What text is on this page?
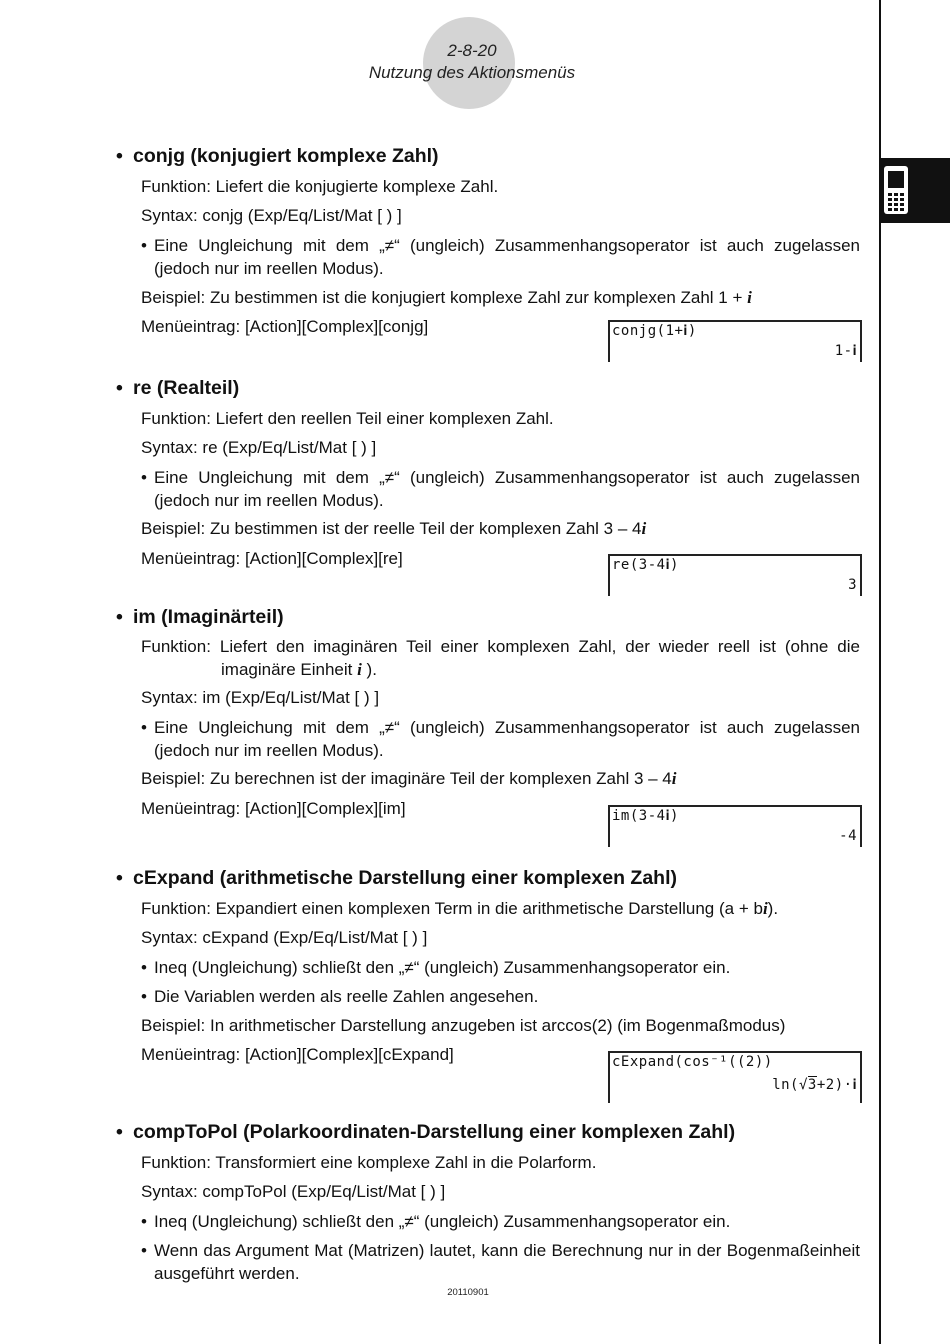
2-8-20
Nutzung des Aktionsmenüs
• conjg (konjugiert komplexe Zahl)
Funktion: Liefert die konjugierte komplexe Zahl.
Syntax: conjg (Exp/Eq/List/Mat [ ) ]
• Eine Ungleichung mit dem „≠“ (ungleich) Zusammenhangsoperator ist auch zugelassen (jedoch nur im reellen Modus).
Beispiel: Zu bestimmen ist die konjugiert komplexe Zahl zur komplexen Zahl 1 + i
Menüeintrag: [Action][Complex][conjg]	conjg(1+𝐢)
1-𝐢
• re (Realteil)
Funktion: Liefert den reellen Teil einer komplexen Zahl.
Syntax: re (Exp/Eq/List/Mat [ ) ]
• Eine Ungleichung mit dem „≠“ (ungleich) Zusammenhangsoperator ist auch zugelassen (jedoch nur im reellen Modus).
Beispiel: Zu bestimmen ist der reelle Teil der komplexen Zahl 3 – 4i
Menüeintrag: [Action][Complex][re]	re(3-4𝐢)
3
• im (Imaginärteil)
Funktion: Liefert den imaginären Teil einer komplexen Zahl, der wieder reell ist (ohne die imaginäre Einheit i ).
Syntax: im (Exp/Eq/List/Mat [ ) ]
• Eine Ungleichung mit dem „≠“ (ungleich) Zusammenhangsoperator ist auch zugelassen (jedoch nur im reellen Modus).
Beispiel: Zu berechnen ist der imaginäre Teil der komplexen Zahl 3 – 4i
Menüeintrag: [Action][Complex][im]	im(3-4𝐢)
-4
• cExpand (arithmetische Darstellung einer komplexen Zahl)
Funktion: Expandiert einen komplexen Term in die arithmetische Darstellung (a + bi).
Syntax: cExpand (Exp/Eq/List/Mat [ ) ]
• Ineq (Ungleichung) schließt den „≠“ (ungleich) Zusammenhangsoperator ein.
• Die Variablen werden als reelle Zahlen angesehen.
Beispiel: In arithmetischer Darstellung anzugeben ist arccos(2) (im Bogenmaßmodus)
Menüeintrag: [Action][Complex][cExpand]	cExpand(cos⁻¹((2))
ln(√3+2)·𝐢
• compToPol (Polarkoordinaten-Darstellung einer komplexen Zahl)
Funktion: Transformiert eine komplexe Zahl in die Polarform.
Syntax: compToPol (Exp/Eq/List/Mat [ ) ]
• Ineq (Ungleichung) schließt den „≠“ (ungleich) Zusammenhangsoperator ein.
• Wenn das Argument Mat (Matrizen) lautet, kann die Berechnung nur in der Bogenmaßeinheit ausgeführt werden.
20110901
